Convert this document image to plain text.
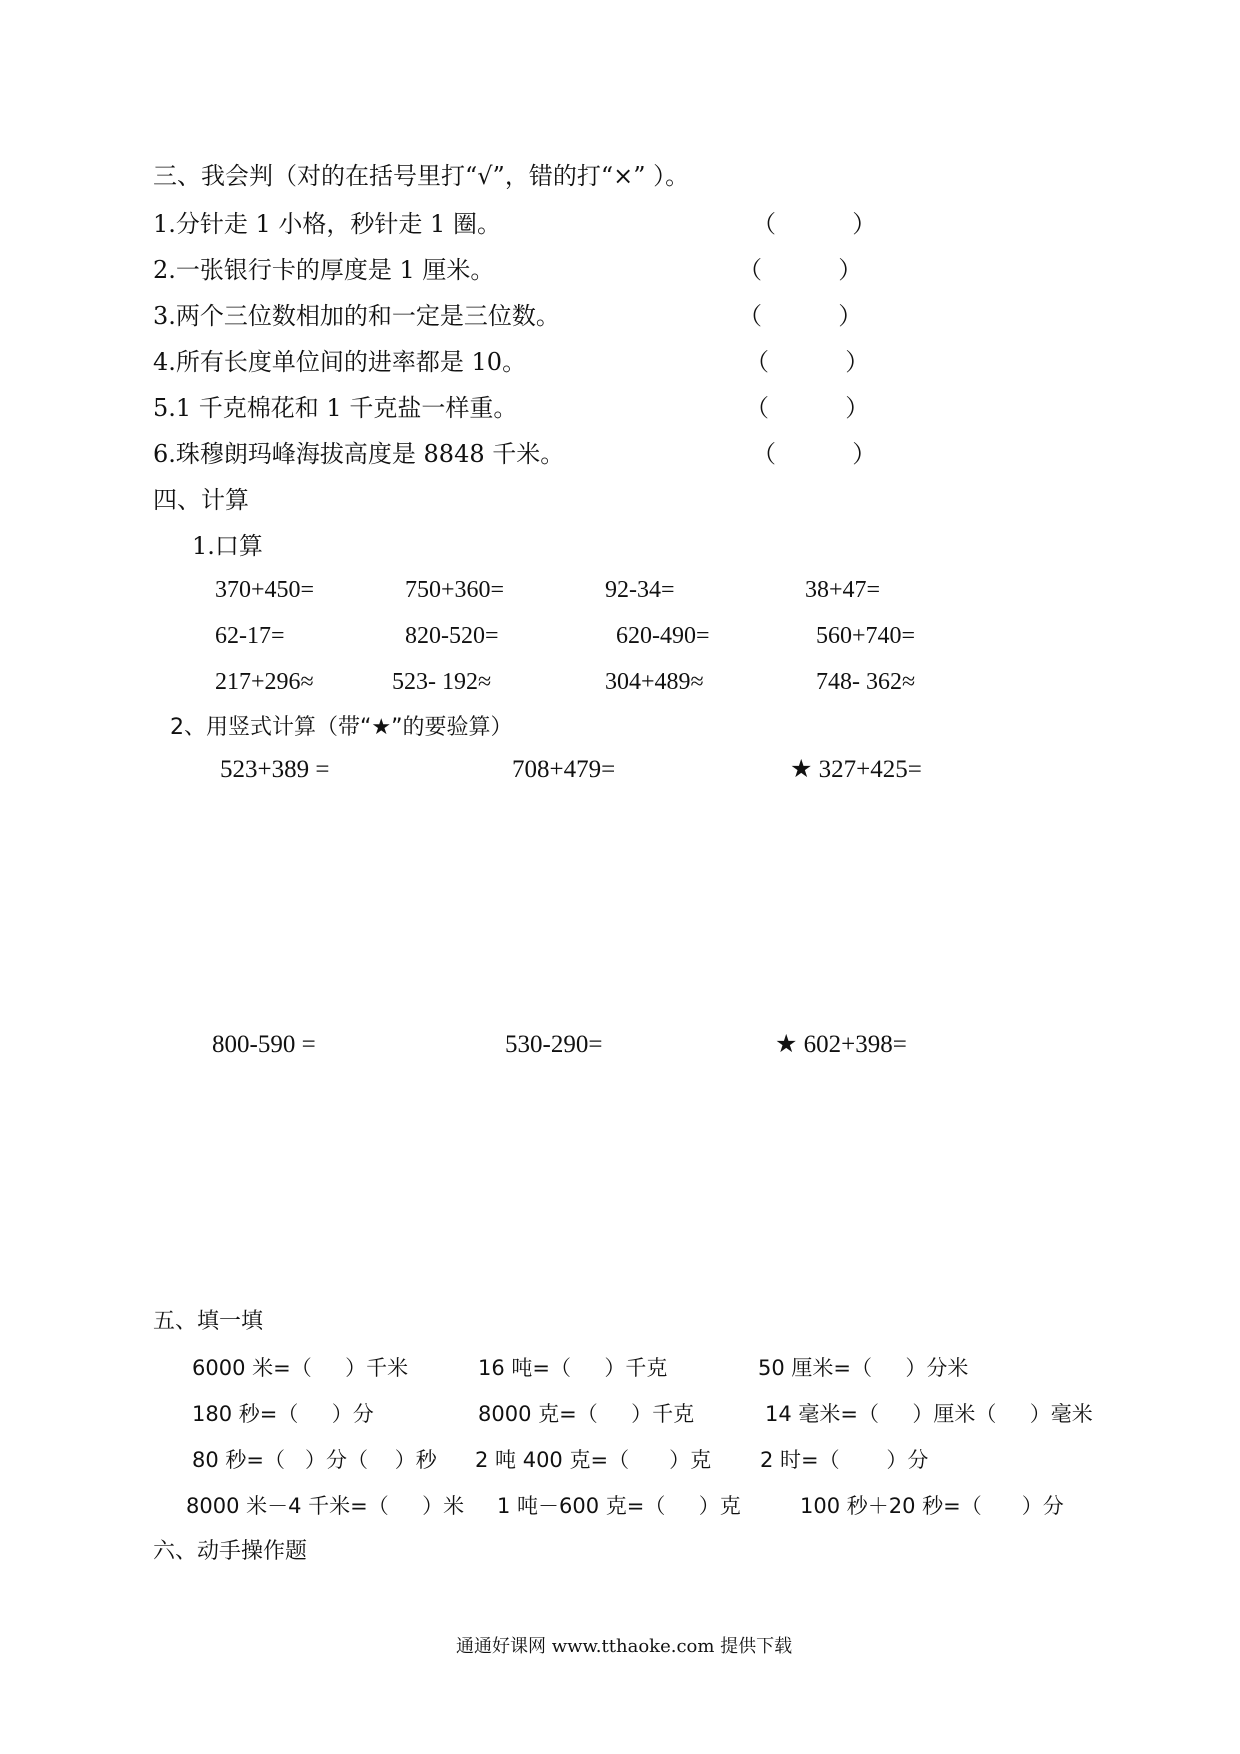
三、我会判（对的在括号里打“√”，错的打“×” ）。
1.分针走 1 小格，秒针走 1 圈。	（          ）
2.一张银行卡的厚度是 1 厘米。	（          ）
3.两个三位数相加的和一定是三位数。	（          ）
4.所有长度单位间的进率都是 10。	（          ）
5.1 千克棉花和 1 千克盐一样重。	（          ）
6.珠穆朗玛峰海拔高度是 8848 千米。	（          ）
四、计算
1.口算
370+450=	750+360=	92-34=	38+47=
62-17=	820-520=	620-490=	560+740=
217+296≈	523- 192≈	304+489≈	748- 362≈
2、用竖式计算（带“★”的要验算）
523+389 =	708+479=	★ 327+425=
800-590 =	530-290=	★ 602+398=
五、填一填
6000 米=（     ）千米	16 吨=（     ）千克	50 厘米=（     ）分米
180 秒=（     ）分	8000 克=（     ）千克	14 毫米=（     ）厘米（     ）毫米
80 秒=（   ）分（    ）秒 2 吨 400 克=（      ）克 2 时=（       ）分
8000 米－4 千米=（     ）米 1 吨－600 克=（     ）克	100 秒＋20 秒=（      ）分
六、动手操作题
通通好课网 www.tthaoke.com 提供下载
